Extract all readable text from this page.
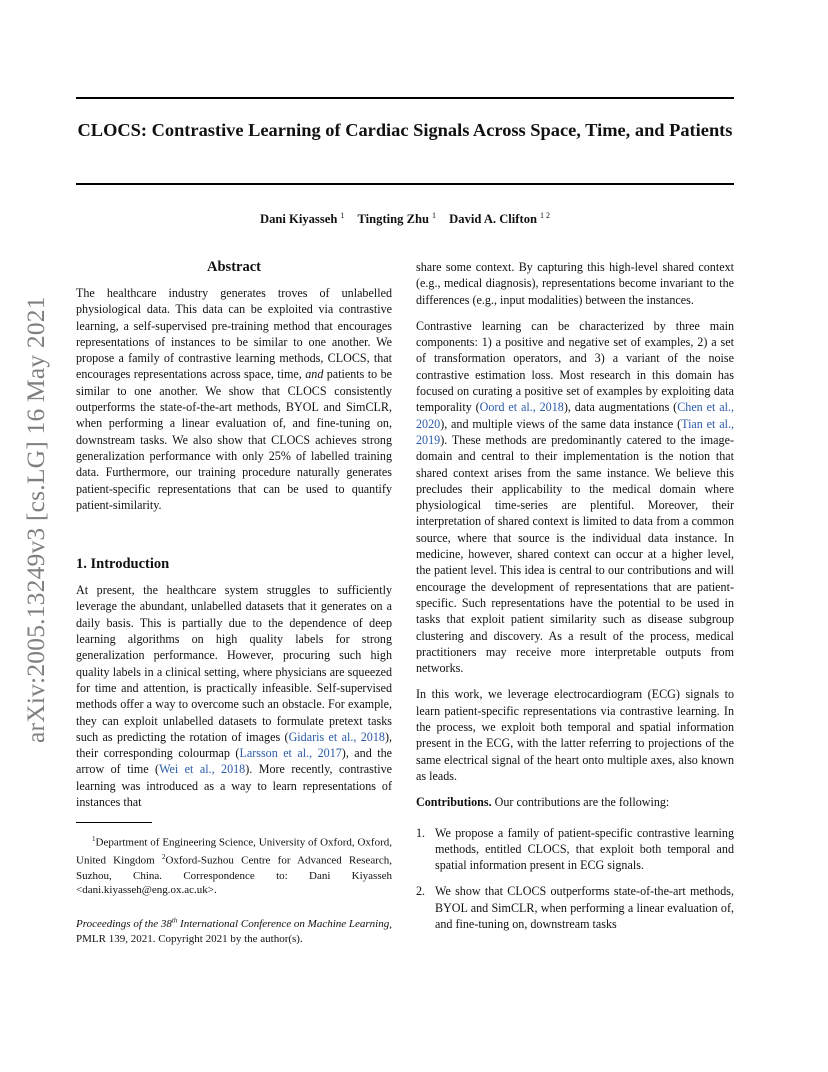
arXiv:2005.13249v3 [cs.LG] 16 May 2021
CLOCS: Contrastive Learning of Cardiac Signals Across Space, Time, and Patients
Dani Kiyasseh $^1$ Tingting Zhu $^1$ David A. Clifton $^{1 2}$
Abstract

The healthcare industry generates troves of unlabelled physiological data. This data can be exploited via contrastive learning, a self-supervised pre-training method that encourages representations of instances to be similar to one another. We propose a family of contrastive learning methods, CLOCS, that encourages representations across space, time, and patients to be similar to one another. We show that CLOCS consistently outperforms the state-of-the-art methods, BYOL and SimCLR, when performing a linear evaluation of, and fine-tuning on, downstream tasks. We also show that CLOCS achieves strong generalization performance with only 25% of labelled training data. Furthermore, our training procedure naturally generates patient-specific representations that can be used to quantify patient-similarity.

1. Introduction

At present, the healthcare system struggles to sufficiently leverage the abundant, unlabelled datasets that it generates on a daily basis. This is partially due to the dependence of deep learning algorithms on high quality labels for strong generalization performance. However, procuring such high quality labels in a clinical setting, where physicians are squeezed for time and attention, is practically infeasible. Self-supervised methods offer a way to overcome such an obstacle. For example, they can exploit unlabelled datasets to formulate pretext tasks such as predicting the rotation of images (Gidaris et al., 2018), their corresponding colourmap (Larsson et al., 2017), and the arrow of time (Wei et al., 2018). More recently, contrastive learning was introduced as a way to learn representations of instances that

$^1$Department of Engineering Science, University of Oxford, Oxford, United Kingdom $^2$Oxford-Suzhou Centre for Advanced Research, Suzhou, China. Correspondence to: Dani Kiyasseh <dani.kiyasseh@eng.ox.ac.uk>.

Proceedings of the 38th International Conference on Machine Learning, PMLR 139, 2021. Copyright 2021 by the author(s).

share some context. By capturing this high-level shared context (e.g., medical diagnosis), representations become invariant to the differences (e.g., input modalities) between the instances.

Contrastive learning can be characterized by three main components: 1) a positive and negative set of examples, 2) a set of transformation operators, and 3) a variant of the noise contrastive estimation loss. Most research in this domain has focused on curating a positive set of examples by exploiting data temporality (Oord et al., 2018), data augmentations (Chen et al., 2020), and multiple views of the same data instance (Tian et al., 2019). These methods are predominantly catered to the image-domain and central to their implementation is the notion that shared context arises from the same instance. We believe this precludes their applicability to the medical domain where physiological time-series are plentiful. Moreover, their interpretation of shared context is limited to data from a common source, where that source is the individual data instance. In medicine, however, shared context can occur at a higher level, the patient level. This idea is central to our contributions and will encourage the development of representations that are patient-specific. Such representations have the potential to be used in tasks that exploit patient similarity such as disease subgroup clustering and discovery. As a result of the process, medical practitioners may receive more interpretable outputs from networks.

In this work, we leverage electrocardiogram (ECG) signals to learn patient-specific representations via contrastive learning. In the process, we exploit both temporal and spatial information present in the ECG, with the latter referring to projections of the same electrical signal of the heart onto multiple axes, also known as leads.

Contributions. Our contributions are the following:

1. We propose a family of patient-specific contrastive learning methods, entitled CLOCS, that exploit both temporal and spatial information present in ECG signals.
2. We show that CLOCS outperforms state-of-the-art methods, BYOL and SimCLR, when performing a linear evaluation of, and fine-tuning on, downstream tasks
